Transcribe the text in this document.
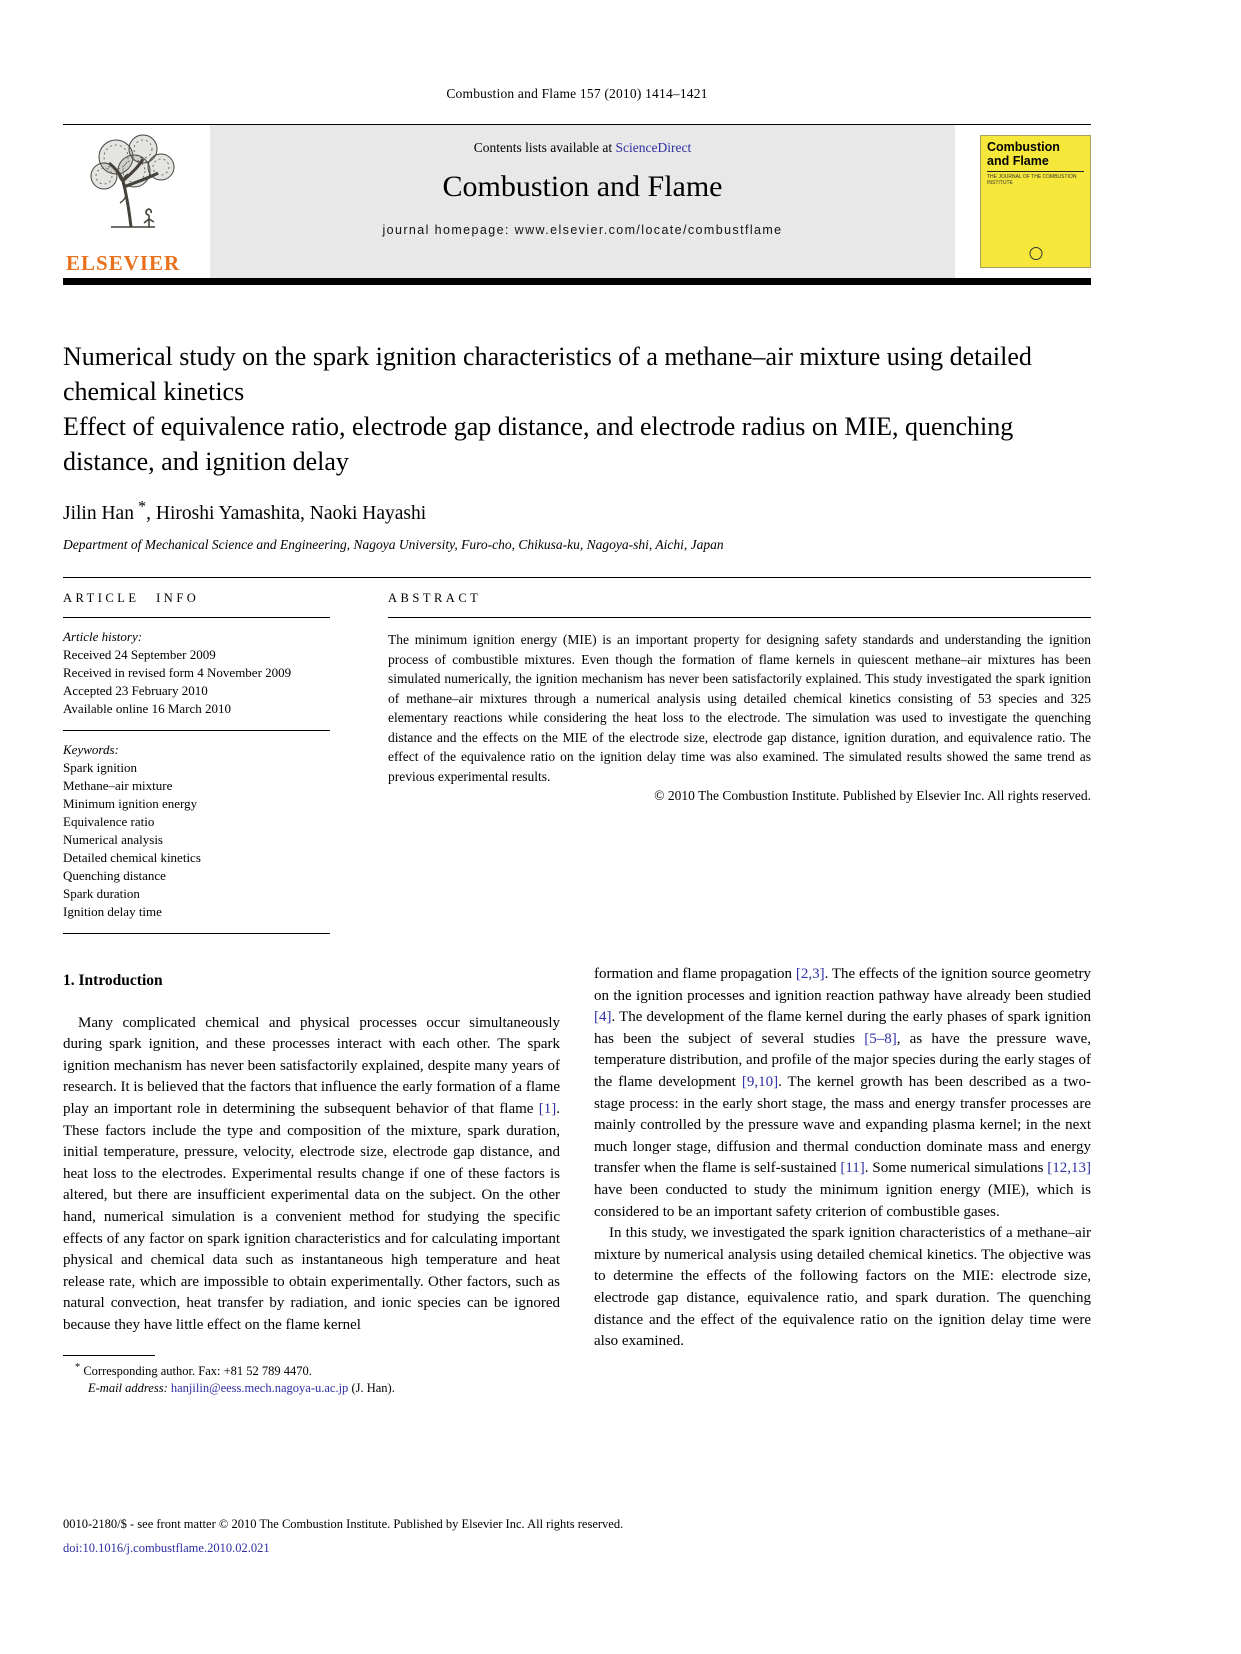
Combustion and Flame 157 (2010) 1414–1421
ELSEVIER
Contents lists available at ScienceDirect
Combustion and Flame
journal homepage: www.elsevier.com/locate/combustflame
Combustion
and Flame
THE JOURNAL OF THE COMBUSTION INSTITUTE
Numerical study on the spark ignition characteristics of a methane–air mixture using detailed chemical kinetics
Effect of equivalence ratio, electrode gap distance, and electrode radius on MIE, quenching distance, and ignition delay
Jilin Han *, Hiroshi Yamashita, Naoki Hayashi
Department of Mechanical Science and Engineering, Nagoya University, Furo-cho, Chikusa-ku, Nagoya-shi, Aichi, Japan
ARTICLE INFO
Article history:
Received 24 September 2009
Received in revised form 4 November 2009
Accepted 23 February 2010
Available online 16 March 2010
Keywords:
Spark ignition
Methane–air mixture
Minimum ignition energy
Equivalence ratio
Numerical analysis
Detailed chemical kinetics
Quenching distance
Spark duration
Ignition delay time
ABSTRACT
The minimum ignition energy (MIE) is an important property for designing safety standards and understanding the ignition process of combustible mixtures. Even though the formation of flame kernels in quiescent methane–air mixtures has been simulated numerically, the ignition mechanism has never been satisfactorily explained. This study investigated the spark ignition of methane–air mixtures through a numerical analysis using detailed chemical kinetics consisting of 53 species and 325 elementary reactions while considering the heat loss to the electrode. The simulation was used to investigate the quenching distance and the effects on the MIE of the electrode size, electrode gap distance, ignition duration, and equivalence ratio. The effect of the equivalence ratio on the ignition delay time was also examined. The simulated results showed the same trend as previous experimental results.
© 2010 The Combustion Institute. Published by Elsevier Inc. All rights reserved.
1. Introduction

Many complicated chemical and physical processes occur simultaneously during spark ignition, and these processes interact with each other. The spark ignition mechanism has never been satisfactorily explained, despite many years of research. It is believed that the factors that influence the early formation of a flame play an important role in determining the subsequent behavior of that flame [1]. These factors include the type and composition of the mixture, spark duration, initial temperature, pressure, velocity, electrode size, electrode gap distance, and heat loss to the electrodes. Experimental results change if one of these factors is altered, but there are insufficient experimental data on the subject. On the other hand, numerical simulation is a convenient method for studying the specific effects of any factor on spark ignition characteristics and for calculating important physical and chemical data such as instantaneous high temperature and heat release rate, which are impossible to obtain experimentally. Other factors, such as natural convection, heat transfer by radiation, and ionic species can be ignored because they have little effect on the flame kernel

* Corresponding author. Fax: +81 52 789 4470.
E-mail address: hanjilin@eess.mech.nagoya-u.ac.jp (J. Han).

formation and flame propagation [2,3]. The effects of the ignition source geometry on the ignition processes and ignition reaction pathway have already been studied [4]. The development of the flame kernel during the early phases of spark ignition has been the subject of several studies [5–8], as have the pressure wave, temperature distribution, and profile of the major species during the early stages of the flame development [9,10]. The kernel growth has been described as a two-stage process: in the early short stage, the mass and energy transfer processes are mainly controlled by the pressure wave and expanding plasma kernel; in the next much longer stage, diffusion and thermal conduction dominate mass and energy transfer when the flame is self-sustained [11]. Some numerical simulations [12,13] have been conducted to study the minimum ignition energy (MIE), which is considered to be an important safety criterion of combustible gases.

In this study, we investigated the spark ignition characteristics of a methane–air mixture by numerical analysis using detailed chemical kinetics. The objective was to determine the effects of the following factors on the MIE: electrode size, electrode gap distance, equivalence ratio, and spark duration. The quenching distance and the effect of the equivalence ratio on the ignition delay time were also examined.

0010-2180/$ - see front matter © 2010 The Combustion Institute. Published by Elsevier Inc. All rights reserved.
doi:10.1016/j.combustflame.2010.02.021
